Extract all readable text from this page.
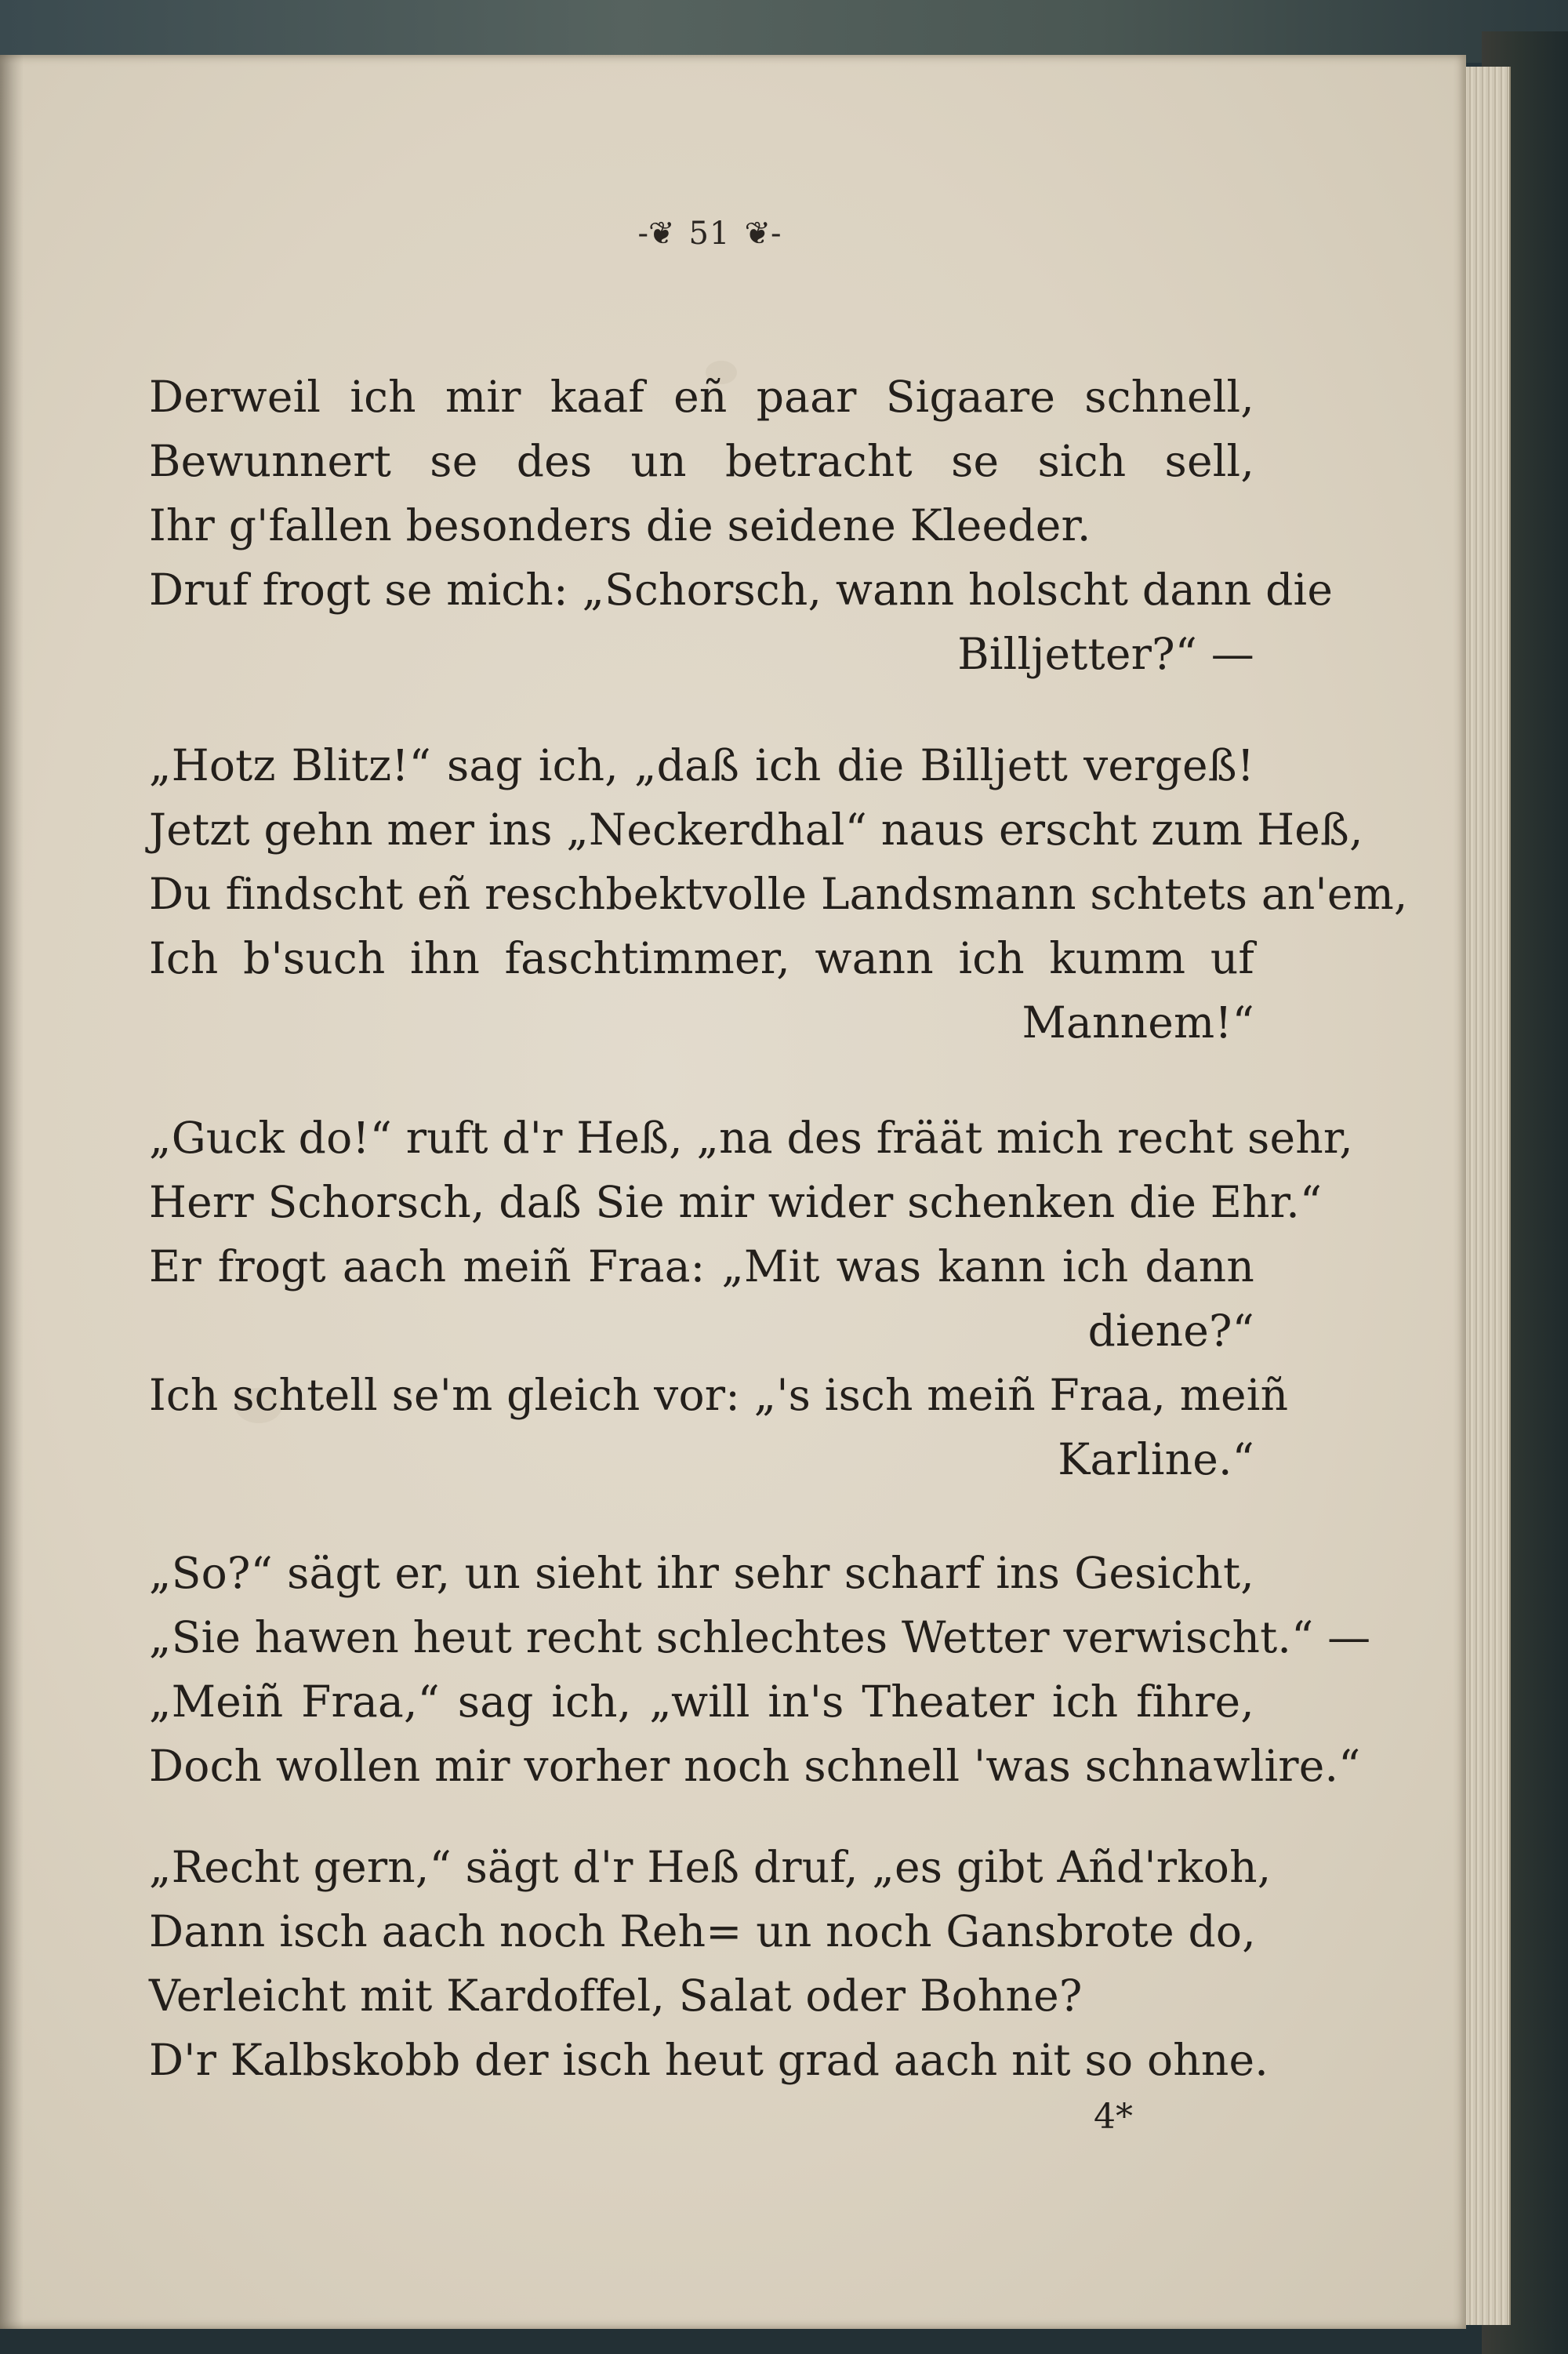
-❦ 51 ❦-
Derweil ich mir kaaf eñ paar Sigaare schnell,
Bewunnert se des un betracht se sich sell,
Ihr g'fallen besonders die seidene Kleeder.
Druf frogt se mich: „Schorsch, wann holscht dann die
Billjetter?“ —
„Hotz Blitz!“ sag ich, „daß ich die Billjett vergeß!
Jetzt gehn mer ins „Neckerdhal“ naus erscht zum Heß,
Du findscht eñ reschbektvolle Landsmann schtets an'em,
Ich b'such ihn faschtimmer, wann ich kumm uf
Mannem!“
„Guck do!“ ruft d'r Heß, „na des fräät mich recht sehr,
Herr Schorsch, daß Sie mir wider schenken die Ehr.“
Er frogt aach meiñ Fraa: „Mit was kann ich dann
diene?“
Ich schtell se'm gleich vor: „'s isch meiñ Fraa, meiñ
Karline.“
„So?“ sägt er, un sieht ihr sehr scharf ins Gesicht,
„Sie hawen heut recht schlechtes Wetter verwischt.“ —
„Meiñ Fraa,“ sag ich, „will in's Theater ich fihre,
Doch wollen mir vorher noch schnell 'was schnawlire.“
„Recht gern,“ sägt d'r Heß druf, „es gibt Añd'rkoh,
Dann isch aach noch Reh= un noch Gansbrote do,
Verleicht mit Kardoffel, Salat oder Bohne?
D'r Kalbskobb der isch heut grad aach nit so ohne.
4*
